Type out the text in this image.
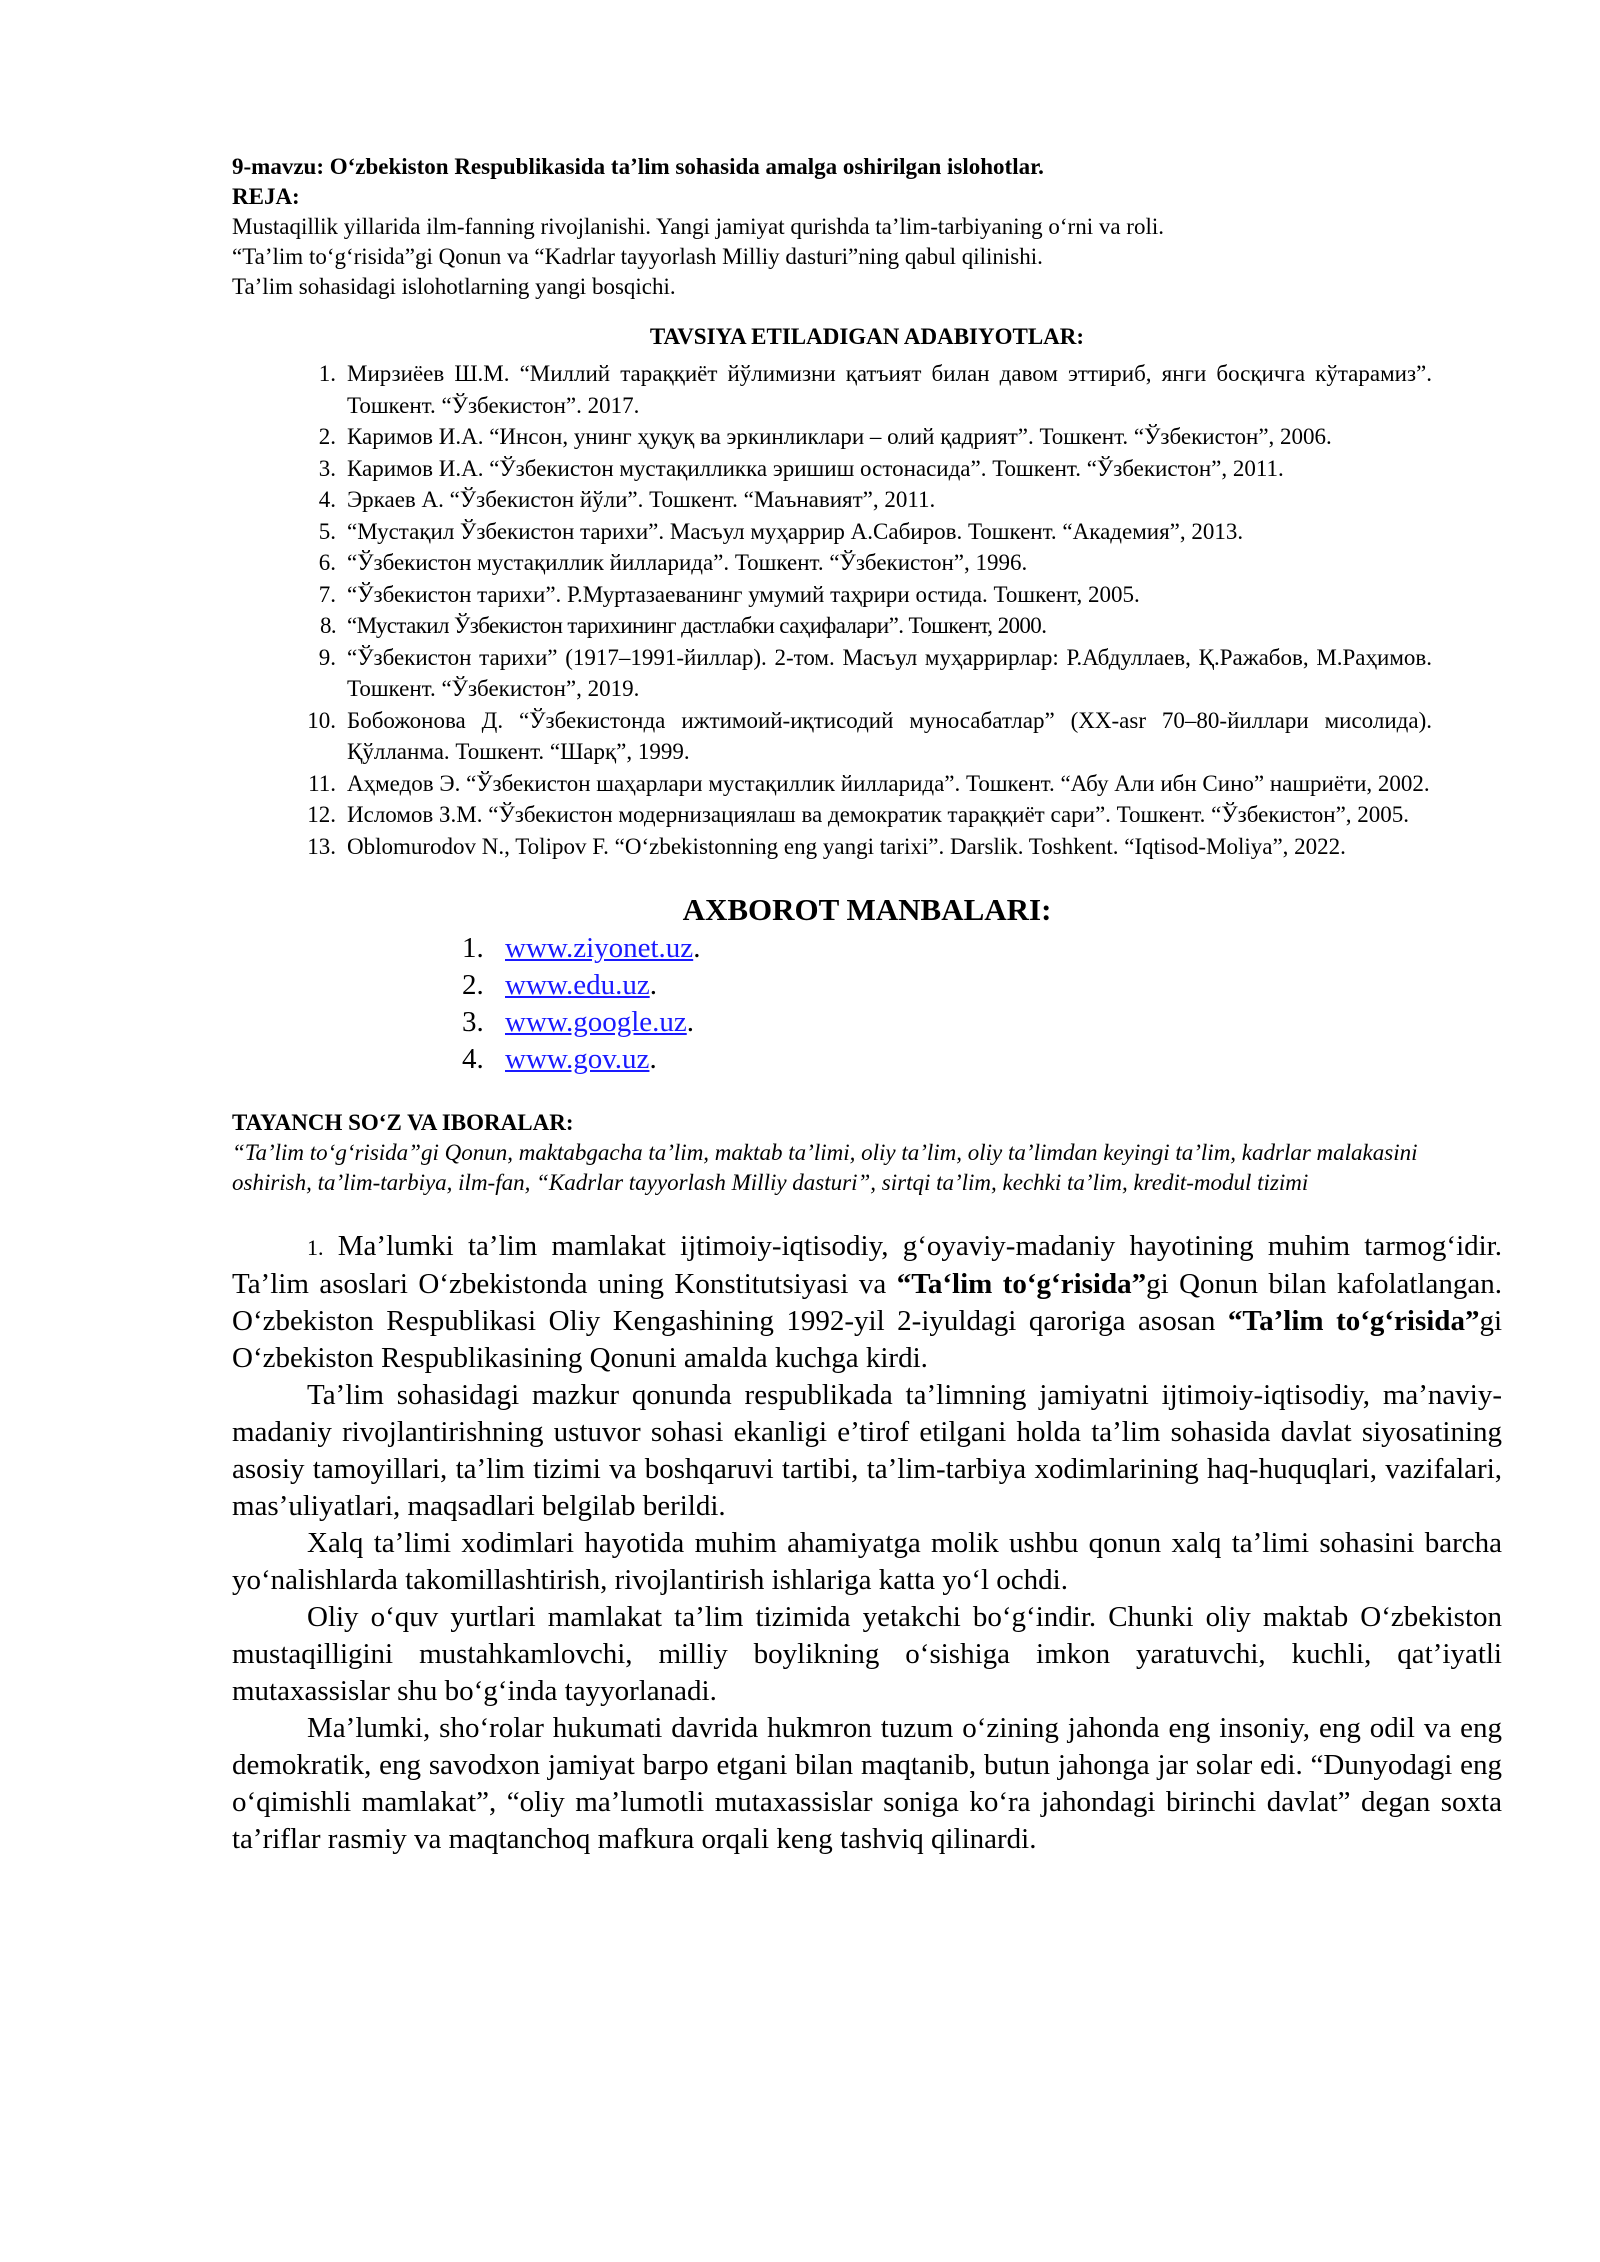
9-mavzu: O‘zbekiston Respublikasida ta’lim sohasida amalga oshirilgan islohotlar.

REJA:

Mustaqillik yillarida ilm-fanning rivojlanishi. Yangi jamiyat qurishda ta’lim-tarbiyaning o‘rni va roli.

“Ta’lim to‘g‘risida”gi Qonun va “Kadrlar tayyorlash Milliy dasturi”ning qabul qilinishi.

Ta’lim sohasidagi islohotlarning yangi bosqichi.

TAVSIYA ETILADIGAN ADABIYOTLAR:

1. Мирзиёев Ш.М. “Миллий тараққиёт йўлимизни қатъият билан давом эттириб, янги босқичга кўтарамиз”. Тошкент. “Ўзбекистон”. 2017.
2. Каримов И.А. “Инсон, унинг ҳуқуқ ва эркинликлари – олий қадрият”. Тошкент. “Ўзбекистон”, 2006.
3. Каримов И.А. “Ўзбекистон мустақилликка эришиш остонасида”. Тошкент. “Ўзбекистон”, 2011.
4. Эркаев А. “Ўзбекистон йўли”. Тошкент. “Маънавият”, 2011.
5. “Мустақил Ўзбекистон тарихи”. Масъул муҳаррир А.Сабиров. Тошкент. “Академия”, 2013.
6. “Ўзбекистон мустақиллик йилларида”. Тошкент. “Ўзбекистон”, 1996.
7. “Ўзбекистон тарихи”. Р.Муртазаеванинг умумий таҳрири остида. Тошкент, 2005.
8. “Мустакил Ўзбекистон тарихининг дастлабки саҳифалари”. Тошкент, 2000.
9. “Ўзбекистон тарихи” (1917–1991-йиллар). 2-том. Масъул муҳаррирлар: Р.Абдуллаев, Қ.Ражабов, М.Раҳимов. Тошкент. “Ўзбекистон”, 2019.
10. Бобожонова Д. “Ўзбекистонда ижтимоий-иқтисодий муносабатлар” (XX-asr 70–80-йиллари мисолида). Қўлланма. Тошкент. “Шарқ”, 1999.
11. Аҳмедов Э. “Ўзбекистон шаҳарлари мустақиллик йилларида”. Тошкент. “Абу Али ибн Сино” нашриёти, 2002.
12. Исломов З.М. “Ўзбекистон модернизациялаш ва демократик тараққиёт сари”. Тошкент. “Ўзбекистон”, 2005.
13. Oblomurodov N., Tolipov F. “O‘zbekistonning eng yangi tarixi”. Darslik. Toshkent. “Iqtisod-Moliya”, 2022.

AXBOROT MANBALARI:

1. www.ziyonet.uz.
2. www.edu.uz.
3. www.google.uz.
4. www.gov.uz.

TAYANCH SO‘Z VA IBORALAR:

“Ta’lim to‘g‘risida”gi Qonun, maktabgacha ta’lim, maktab ta’limi, oliy ta’lim, oliy ta’limdan keyingi ta’lim, kadrlar malakasini oshirish, ta’lim-tarbiya, ilm-fan, “Kadrlar tayyorlash Milliy dasturi”, sirtqi ta’lim, kechki ta’lim, kredit-modul tizimi

1. Ma’lumki ta’lim mamlakat ijtimoiy-iqtisodiy, g‘oyaviy-madaniy hayotining muhim tarmog‘idir. Ta’lim asoslari O‘zbekistonda uning Konstitutsiyasi va “Ta‘lim to‘g‘risida”gi Qonun bilan kafolatlangan. O‘zbekiston Respublikasi Oliy Kengashining 1992-yil 2-iyuldagi qaroriga asosan “Ta’lim to‘g‘risida”gi O‘zbekiston Respublikasining Qonuni amalda kuchga kirdi.

Ta’lim sohasidagi mazkur qonunda respublikada ta’limning jamiyatni ijtimoiy-iqtisodiy, ma’naviy-madaniy rivojlantirishning ustuvor sohasi ekanligi e’tirof etilgani holda ta’lim sohasida davlat siyosatining asosiy tamoyillari, ta’lim tizimi va boshqaruvi tartibi, ta’lim-tarbiya xodimlarining haq-huquqlari, vazifalari, mas’uliyatlari, maqsadlari belgilab berildi.

Xalq ta’limi xodimlari hayotida muhim ahamiyatga molik ushbu qonun xalq ta’limi sohasini barcha yo‘nalishlarda takomillashtirish, rivojlantirish ishlariga katta yo‘l ochdi.

Oliy o‘quv yurtlari mamlakat ta’lim tizimida yetakchi bo‘g‘indir. Chunki oliy maktab O‘zbekiston mustaqilligini mustahkamlovchi, milliy boylikning o‘sishiga imkon yaratuvchi, kuchli, qat’iyatli mutaxassislar shu bo‘g‘inda tayyorlanadi.

Ma’lumki, sho‘rolar hukumati davrida hukmron tuzum o‘zining jahonda eng insoniy, eng odil va eng demokratik, eng savodxon jamiyat barpo etgani bilan maqtanib, butun jahonga jar solar edi. “Dunyodagi eng o‘qimishli mamlakat”, “oliy ma’lumotli mutaxassislar soniga ko‘ra jahondagi birinchi davlat” degan soxta ta’riflar rasmiy va maqtanchoq mafkura orqali keng tashviq qilinardi.
